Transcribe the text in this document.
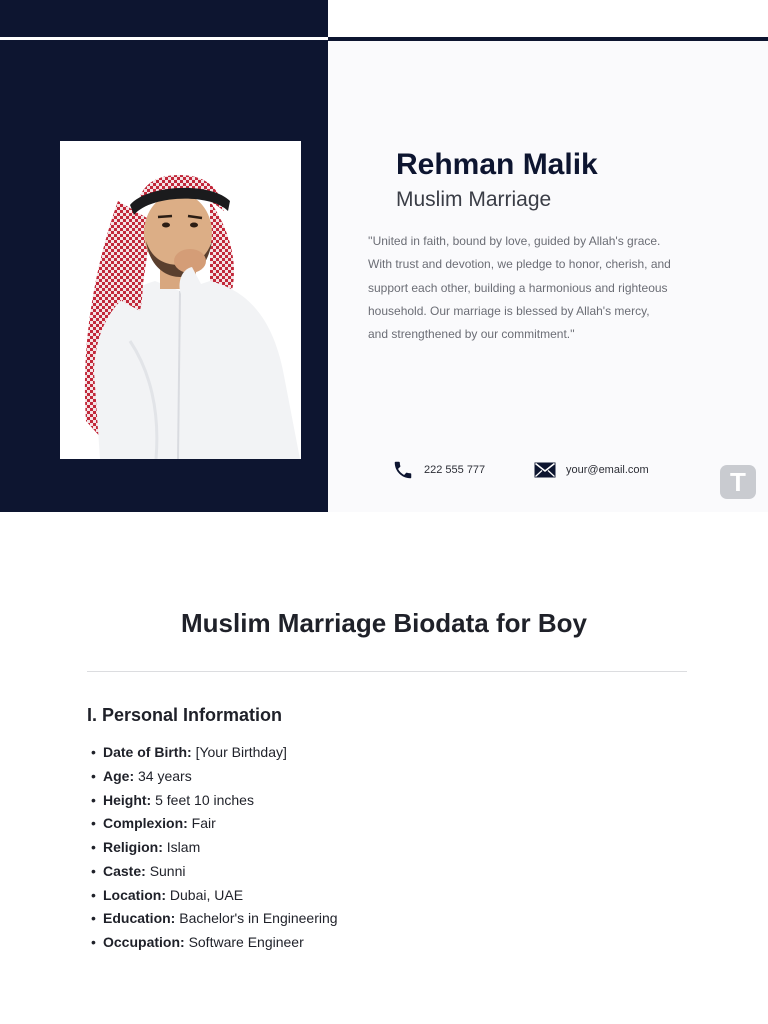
Rehman Malik
Muslim Marriage

''United in faith, bound by love, guided by Allah's grace. With trust and devotion, we pledge to honor, cherish, and support each other, building a harmonious and righteous household. Our marriage is blessed by Allah's mercy, and strengthened by our commitment.''

222 555 777	your@email.com	T
Muslim Marriage Biodata for Boy
I. Personal Information
• Date of Birth: [Your Birthday]
• Age: 34 years
• Height: 5 feet 10 inches
• Complexion: Fair
• Religion: Islam
• Caste: Sunni
• Location: Dubai, UAE
• Education: Bachelor's in Engineering
• Occupation: Software Engineer
